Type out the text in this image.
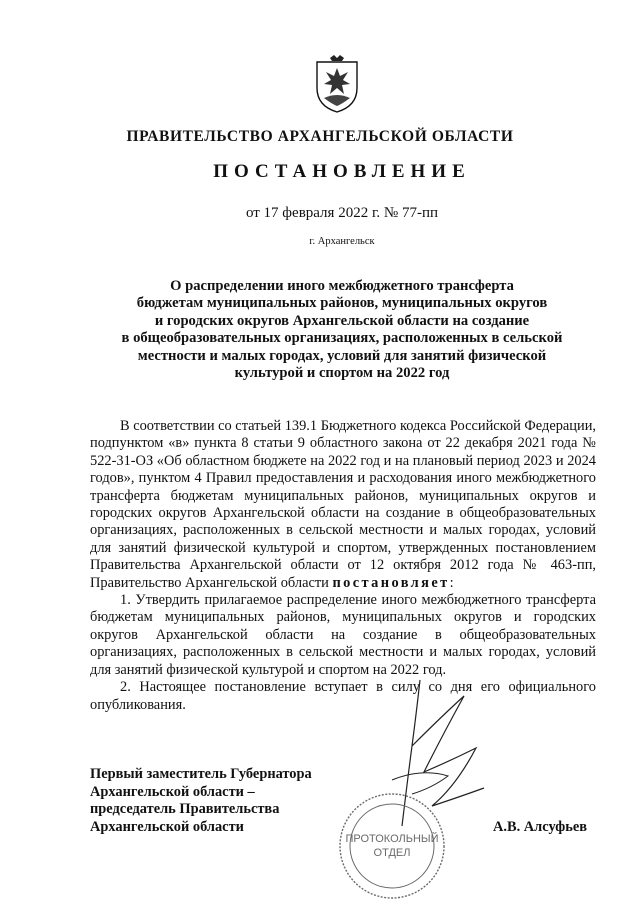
ПРАВИТЕЛЬСТВО АРХАНГЕЛЬСКОЙ ОБЛАСТИ
ПОСТАНОВЛЕНИЕ
от 17 февраля 2022 г. № 77-пп
г. Архангельск
О распределении иного межбюджетного трансферта
бюджетам муниципальных районов, муниципальных округов
и городских округов Архангельской области на создание
в общеобразовательных организациях, расположенных в сельской
местности и малых городах, условий для занятий физической
культурой и спортом на 2022 год

В соответствии со статьей 139.1 Бюджетного кодекса Российской Федерации, подпунктом «в» пункта 8 статьи 9 областного закона от 22 декабря 2021 года № 522-31-ОЗ «Об областном бюджете на 2022 год и на плановый период 2023 и 2024 годов», пунктом 4 Правил предоставления и расходования иного межбюджетного трансферта бюджетам муниципальных районов, муниципальных округов и городских округов Архангельской области на создание в общеобразовательных организациях, расположенных в сельской местности и малых городах, условий для занятий физической культурой и спортом, утвержденных постановлением Правительства Архангельской области от 12 октября 2012 года № 463-пп, Правительство Архангельской области постановляет:

1. Утвердить прилагаемое распределение иного межбюджетного трансферта бюджетам муниципальных районов, муниципальных округов и городских округов Архангельской области на создание в общеобразовательных организациях, расположенных в сельской местности и малых городах, условий для занятий физической культурой и спортом на 2022 год.

2. Настоящее постановление вступает в силу со дня его официального опубликования.

Первый заместитель Губернатора
Архангельской области –
председатель Правительства
Архангельской области	А.В. Алсуфьев
ПРОТОКОЛЬНЫЙ
ОТДЕЛ
